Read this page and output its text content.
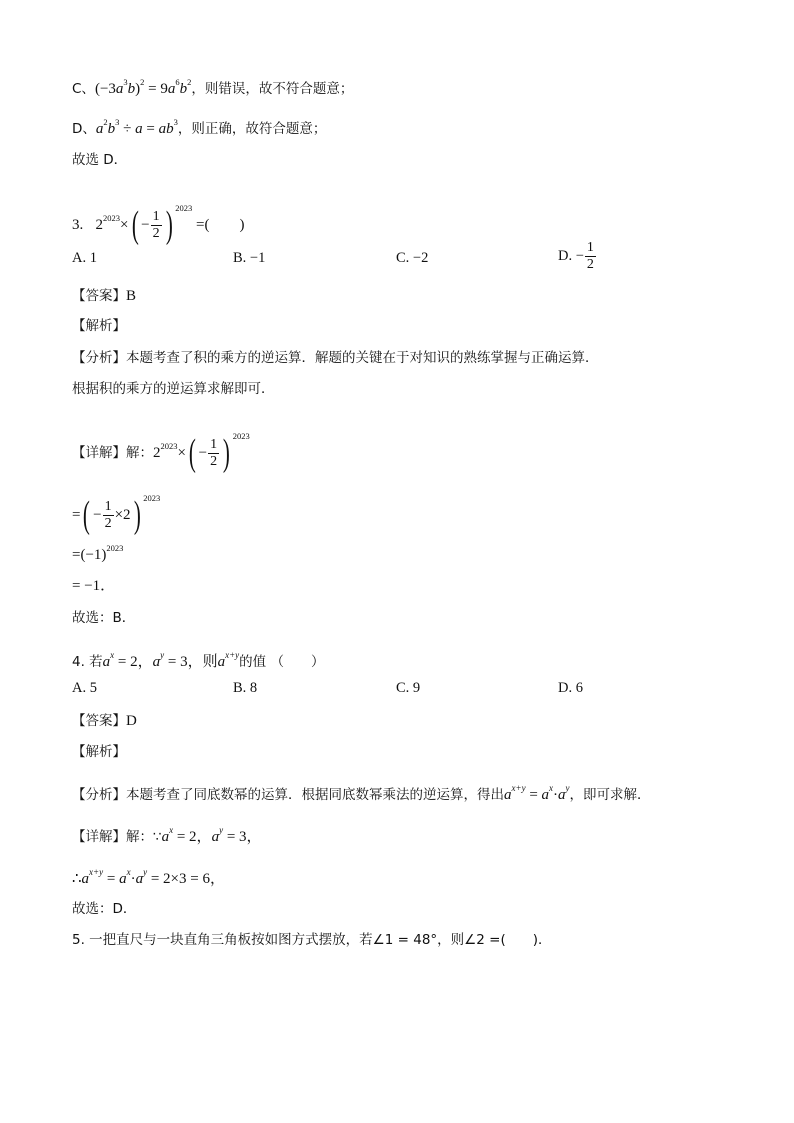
C、$(-3a^3b)^2 = 9a^6b^2$，则错误，故不符合题意；
D、$a^2b^3 \div a = ab^3$，则正确，故符合题意；
故选 D．
3. $2^{2023}\times( - \frac{1}{2}$ ) $^{2023}$ =(　　)
A. 1	B. −1	C. −2	D. − $\frac{1}{2}$
【答案】B
【解析】
【分析】本题考查了积的乘方的逆运算．解题的关键在于对知识的熟练掌握与正确运算．
根据积的乘方的逆运算求解即可．
【详解】解：$2^{2023}\times( - \frac{1}{2}$ ) $^{2023}$
=( − $\frac{1}{2} \times 2$) $^{2023}$
$=(-1)^{2023}$
= −1．
故选：B．
4. 若$a^x = 2$，$a^y = 3$，则$a^{x+y}$的值 （　　）
A. 5	B. 8	C. 9	D. 6
【答案】D
【解析】
【分析】本题考查了同底数幂的运算．根据同底数幂乘法的逆运算，得出$a^{x+y} = a^x\cdot a^y$，即可求解．
【详解】解：$\because a^x = 2$，$a^y = 3$，
$\therefore a^{x+y} = a^x\cdot a^y = 2\times 3 = 6$，
故选：D．
5. 一把直尺与一块直角三角板按如图方式摆放，若∠1 = 48°，则∠2 =(　　)．
